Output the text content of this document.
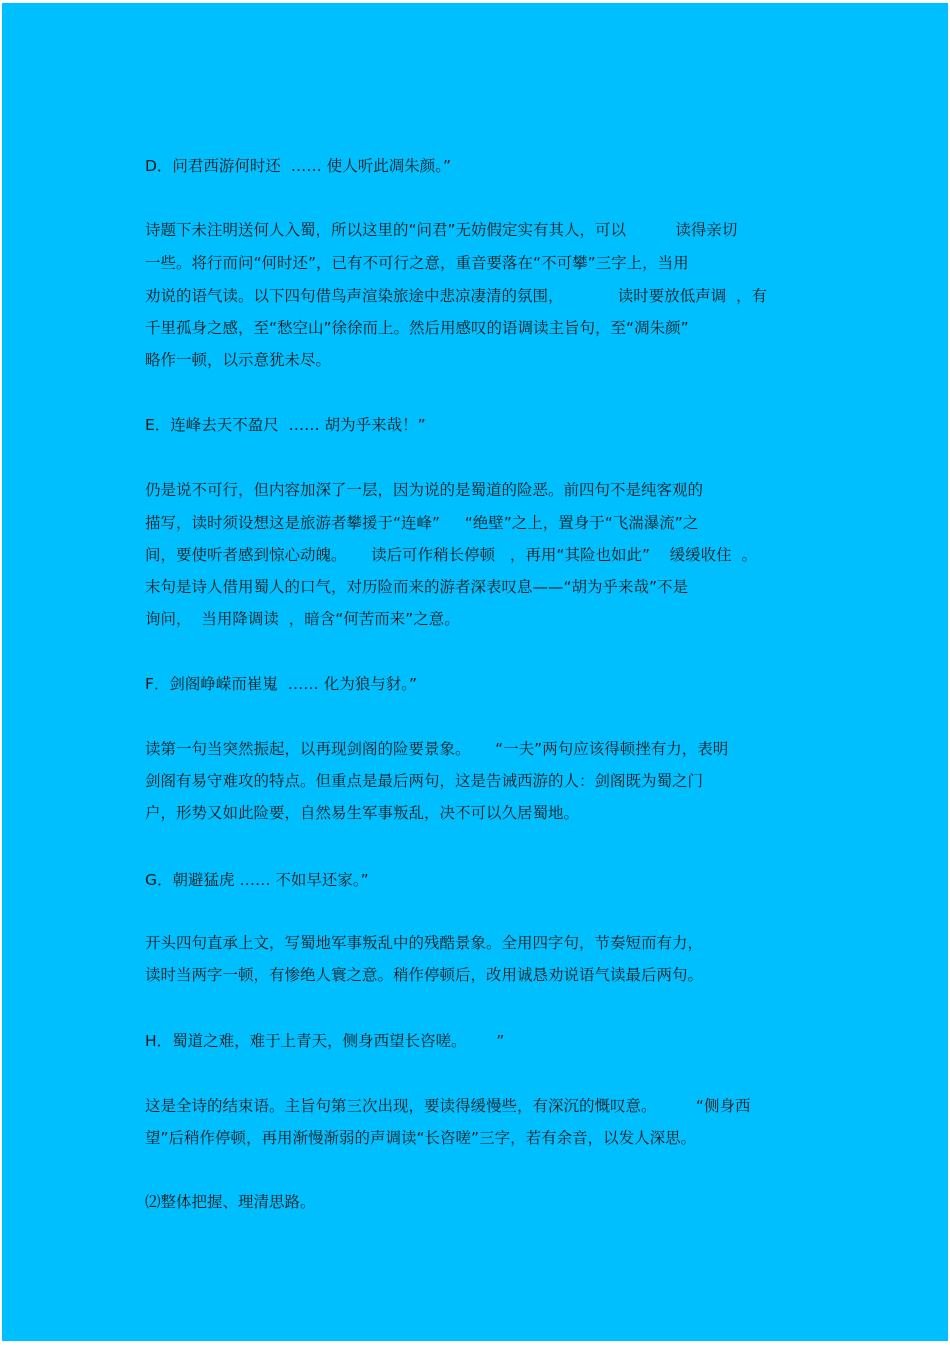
D．问君西游何时还  …… 使人听此凋朱颜。”
诗题下未注明送何人入蜀，所以这里的“问君”无妨假定实有其人，可以          读得亲切
一些。将行而问“何时还”，已有不可行之意，重音要落在“不可攀”三字上，当用
劝说的语气读。以下四句借鸟声渲染旅途中悲凉凄清的氛围，           读时要放低声调  ，有
千里孤身之感，至“愁空山”徐徐而上。然后用感叹的语调读主旨句，至“凋朱颜”
略作一顿，以示意犹未尽。
E．连峰去天不盈尺  …… 胡为乎来哉！”
仍是说不可行，但内容加深了一层，因为说的是蜀道的险恶。前四句不是纯客观的
描写，读时须设想这是旅游者攀援于“连峰”     “绝壁”之上，置身于“飞湍瀑流”之
间，要使听者感到惊心动魄。     读后可作稍长停顿   ，再用“其险也如此”    缓缓收住  。
末句是诗人借用蜀人的口气，对历险而来的游者深表叹息——“胡为乎来哉”不是
询问，  当用降调读  ，暗含“何苦而来”之意。
F．剑阁峥嵘而崔嵬  …… 化为狼与豺。”
读第一句当突然振起，以再现剑阁的险要景象。     “一夫”两句应该得顿挫有力，表明
剑阁有易守难攻的特点。但重点是最后两句，这是告诫西游的人：剑阁既为蜀之门
户，形势又如此险要，自然易生军事叛乱，决不可以久居蜀地。
G．朝避猛虎 …… 不如早还家。”
开头四句直承上文，写蜀地军事叛乱中的残酷景象。全用四字句，节奏短而有力，
读时当两字一顿，有惨绝人寰之意。稍作停顿后，改用诚恳劝说语气读最后两句。
H．蜀道之难，难于上青天，侧身西望长咨嗟。      ”
这是全诗的结束语。主旨句第三次出现，要读得缓慢些，有深沉的慨叹意。        “侧身西
望”后稍作停顿，再用渐慢渐弱的声调读“长咨嗟”三字，若有余音，以发人深思。
⑵整体把握、理清思路。
